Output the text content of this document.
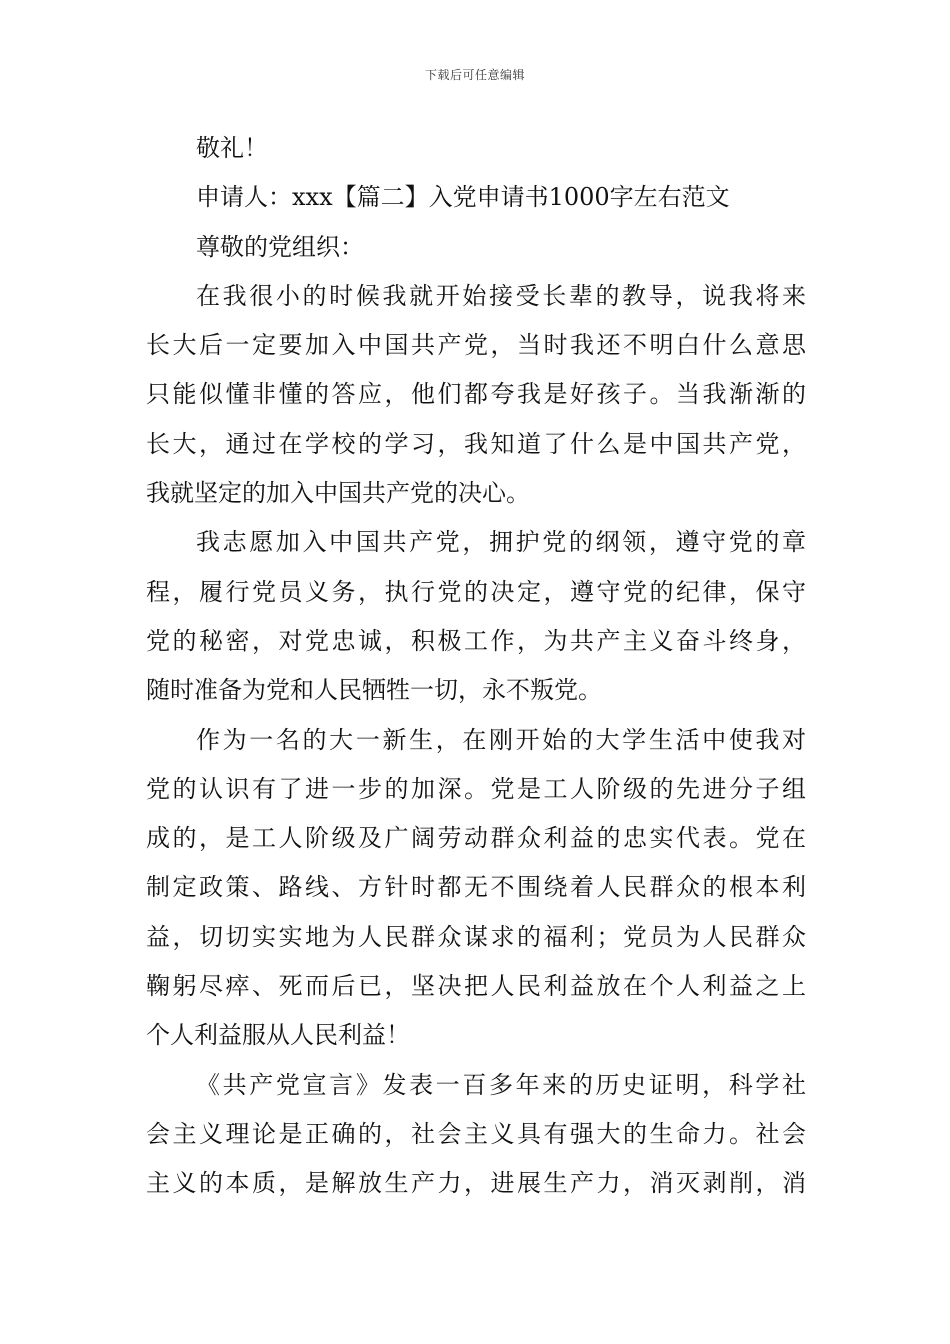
下载后可任意编辑
敬礼！
申请人：xxx【篇二】入党申请书1000字左右范文
尊敬的党组织：
在我很小的时候我就开始接受长辈的教导，说我将来
长大后一定要加入中国共产党，当时我还不明白什么意思
只能似懂非懂的答应，他们都夸我是好孩子。当我渐渐的
长大，通过在学校的学习，我知道了什么是中国共产党，
我就坚定的加入中国共产党的决心。
我志愿加入中国共产党，拥护党的纲领，遵守党的章
程，履行党员义务，执行党的决定，遵守党的纪律，保守
党的秘密，对党忠诚，积极工作，为共产主义奋斗终身，
随时准备为党和人民牺牲一切，永不叛党。
作为一名的大一新生，在刚开始的大学生活中使我对
党的认识有了进一步的加深。党是工人阶级的先进分子组
成的，是工人阶级及广阔劳动群众利益的忠实代表。党在
制定政策、路线、方针时都无不围绕着人民群众的根本利
益，切切实实地为人民群众谋求的福利；党员为人民群众
鞠躬尽瘁、死而后已，坚决把人民利益放在个人利益之上
个人利益服从人民利益！
《共产党宣言》发表一百多年来的历史证明，科学社
会主义理论是正确的，社会主义具有强大的生命力。社会
主义的本质，是解放生产力，进展生产力，消灭剥削，消
